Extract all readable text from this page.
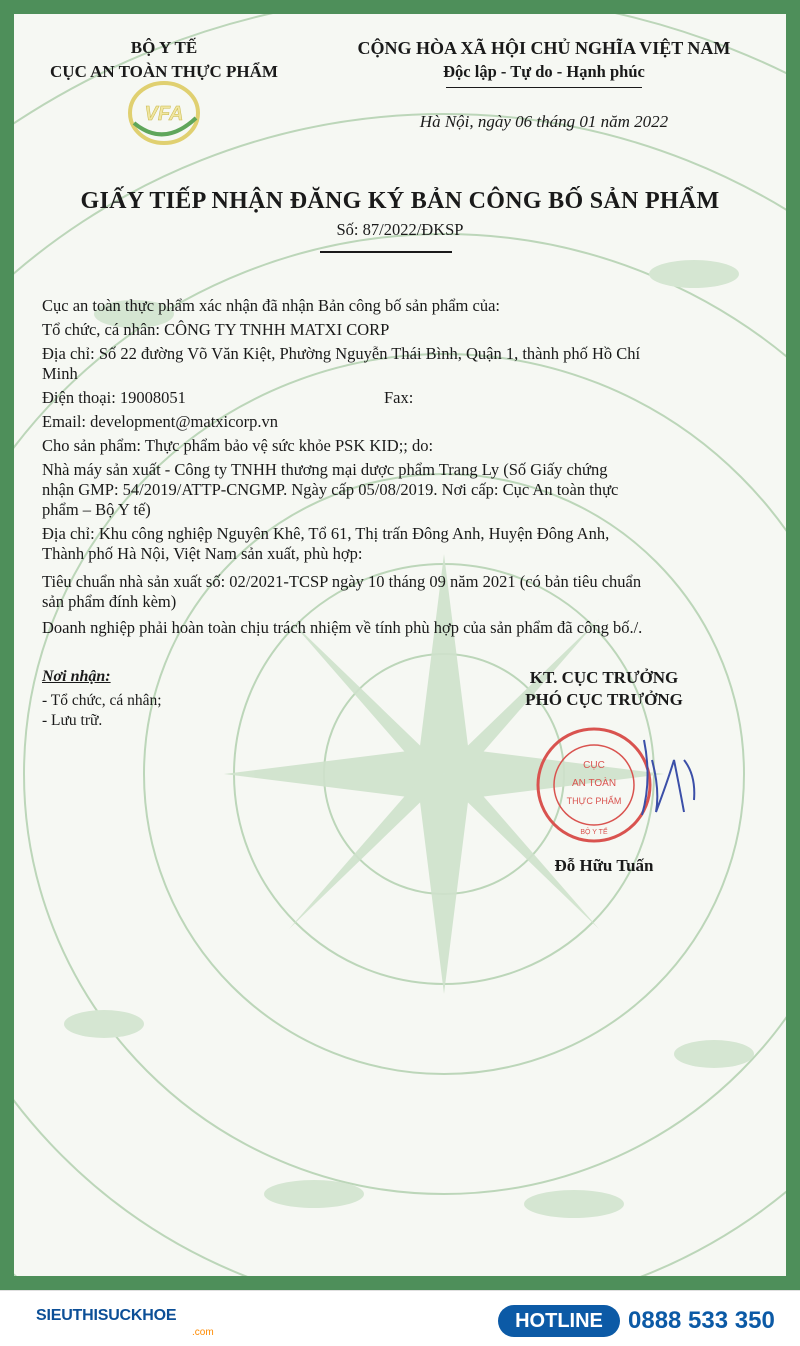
BỘ Y TẾ
CỤC AN TOÀN THỰC PHẨM
VFA
CỘNG HÒA XÃ HỘI CHỦ NGHĨA VIỆT NAM
Độc lập - Tự do - Hạnh phúc
Hà Nội, ngày 06 tháng 01 năm 2022
GIẤY TIẾP NHẬN ĐĂNG KÝ BẢN CÔNG BỐ SẢN PHẨM
Số: 87/2022/ĐKSP
Cục an toàn thực phẩm xác nhận đã nhận Bản công bố sản phẩm của:
Tổ chức, cá nhân: CÔNG TY TNHH MATXI CORP
Địa chỉ: Số 22 đường Võ Văn Kiệt, Phường Nguyễn Thái Bình, Quận 1, thành phố Hồ Chí
Minh
Điện thoại: 19008051	Fax:
Email: development@matxicorp.vn
Cho sản phẩm: Thực phẩm bảo vệ sức khỏe PSK KID;; do:
Nhà máy sản xuất - Công ty TNHH thương mại dược phẩm Trang Ly (Số Giấy chứng
nhận GMP: 54/2019/ATTP-CNGMP. Ngày cấp 05/08/2019. Nơi cấp: Cục An toàn thực
phẩm – Bộ Y tế)
Địa chỉ: Khu công nghiệp Nguyên Khê, Tổ 61, Thị trấn Đông Anh, Huyện Đông Anh,
Thành phố Hà Nội, Việt Nam sản xuất, phù hợp:
Tiêu chuẩn nhà sản xuất số: 02/2021-TCSP ngày 10 tháng 09 năm 2021 (có bản tiêu chuẩn
sản phẩm đính kèm)
Doanh nghiệp phải hoàn toàn chịu trách nhiệm về tính phù hợp của sản phẩm đã công bố./.
Nơi nhận:
- Tổ chức, cá nhân;
- Lưu trữ.
KT. CỤC TRƯỞNG
PHÓ CỤC TRƯỞNG
CỤC
AN TOÀN
THỰC PHẨM
BỘ Y TẾ
Đỗ Hữu Tuấn
SIEUTHISUCKHOE
.com
HOTLINE	0888 533 350
